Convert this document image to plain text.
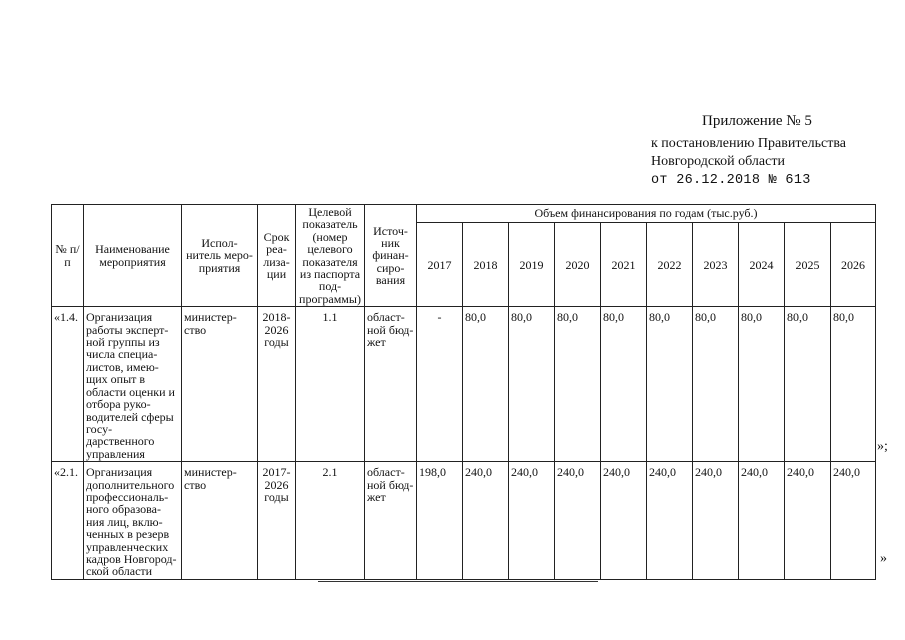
Приложение № 5
к постановлению Правительства
Новгородской области
от 26.12.2018 № 613
№ п/п	Наименование мероприятия	Испол-нитель меро-приятия	Срок реа-лиза-ции	Целевой показатель (номер целевого показателя из паспорта под-программы)	Источ-ник финан-сиро-вания	Объем финансирования по годам (тыс.руб.)									
						2017	2018	2019	2020	2021	2022	2023	2024	2025	2026
«1.4.	Организация работы эксперт-ной группы из числа специа-листов, имею-щих опыт в области оценки и отбора руко-водителей сферы госу-дарственного управления	министер-ство	2018-2026 годы	1.1	област-ной бюд-жет	-	80,0	80,0	80,0	80,0	80,0	80,0	80,0	80,0	80,0
«2.1.	Организация дополнительного профессиональ-ного образова-ния лиц, вклю-ченных в резерв управленческих кадров Новгород-ской области	министер-ство	2017-2026 годы	2.1	област-ной бюд-жет	198,0	240,0	240,0	240,0	240,0	240,0	240,0	240,0	240,0	240,0
»;
»
